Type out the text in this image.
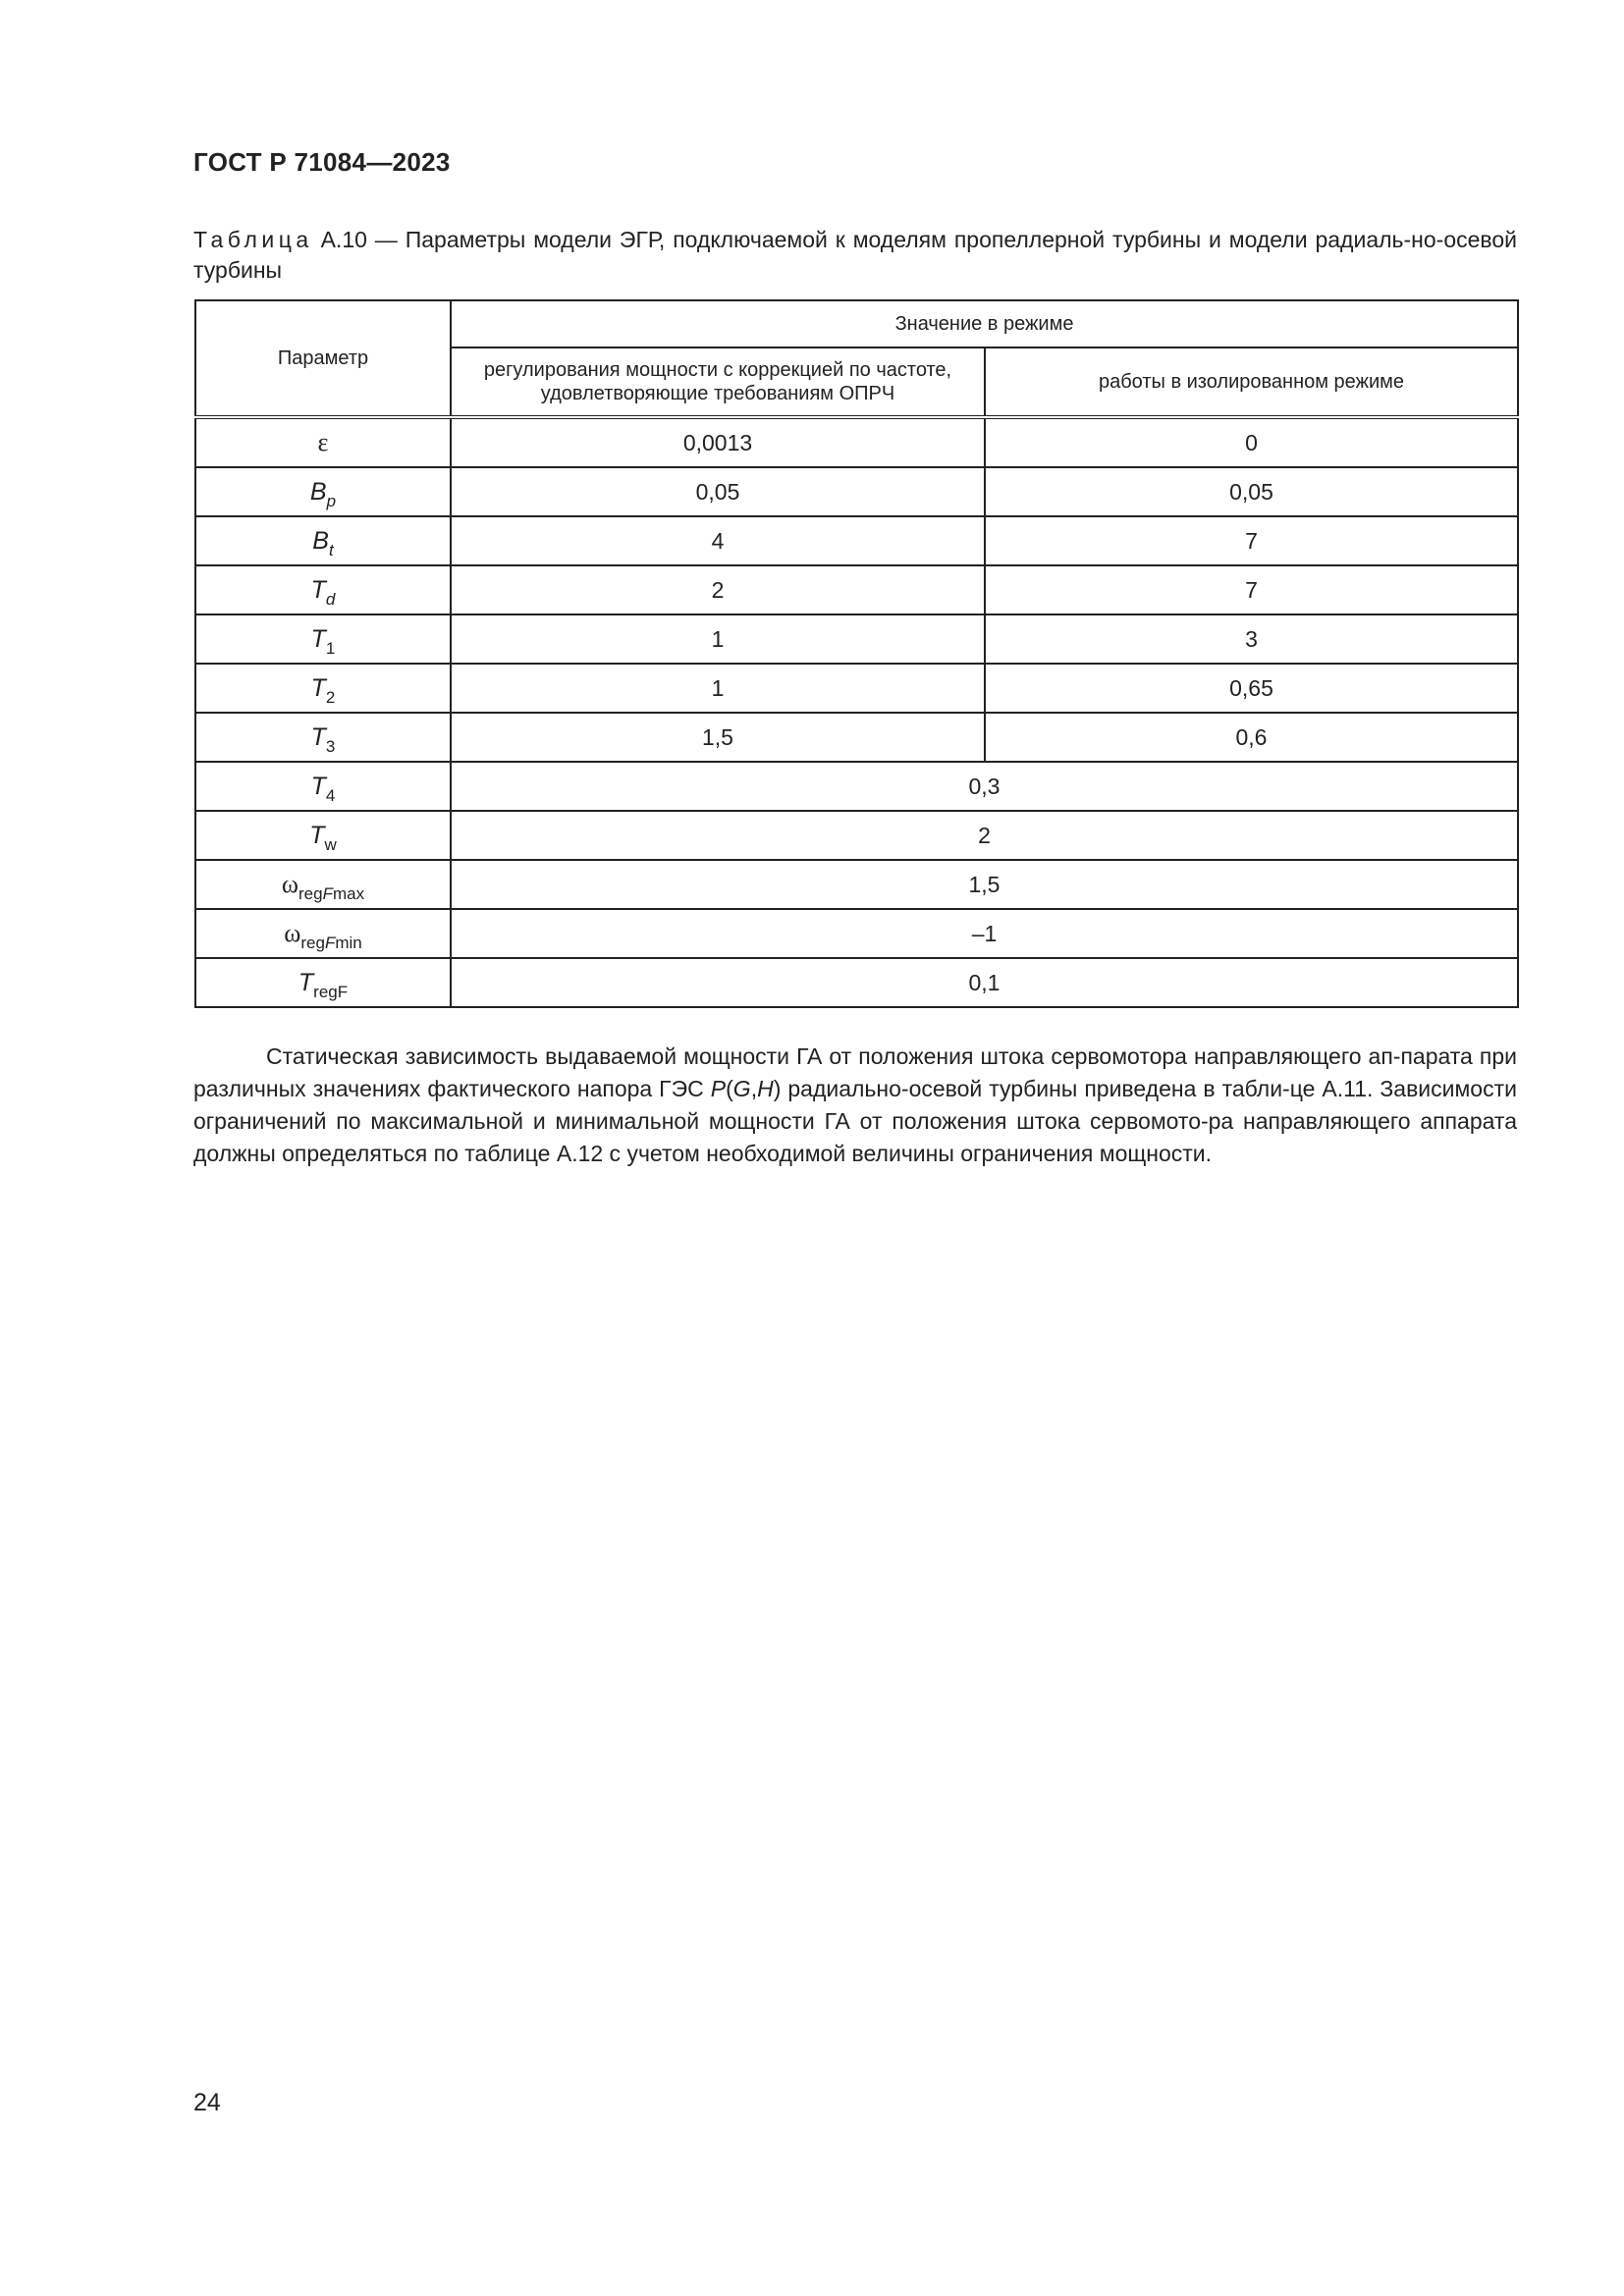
ГОСТ Р 71084—2023
Таблица А.10 — Параметры модели ЭГР, подключаемой к моделям пропеллерной турбины и модели радиаль-но-осевой турбины
Параметр	Значение в режиме	
	регулирования мощности с коррекцией по частоте, удовлетворяющие требованиям ОПРЧ	работы в изолированном режиме
ε	0,0013	0
$B_p$	0,05	0,05
$B_t$	4	7
$T_d$	2	7
$T_1$	1	3
$T_2$	1	0,65
$T_3$	1,5	0,6
$T_4$	0,3	
$T_w$	2	
$\omega_{regFmax}$	1,5	
$\omega_{regFmin}$	–1	
$T_{regF}$	0,1	
Статическая зависимость выдаваемой мощности ГА от положения штока сервомотора направляющего ап-парата при различных значениях фактического напора ГЭС P(G,H) радиально-осевой турбины приведена в табли-це А.11. Зависимости ограничений по максимальной и минимальной мощности ГА от положения штока сервомото-ра направляющего аппарата должны определяться по таблице А.12 с учетом необходимой величины ограничения мощности.
24
